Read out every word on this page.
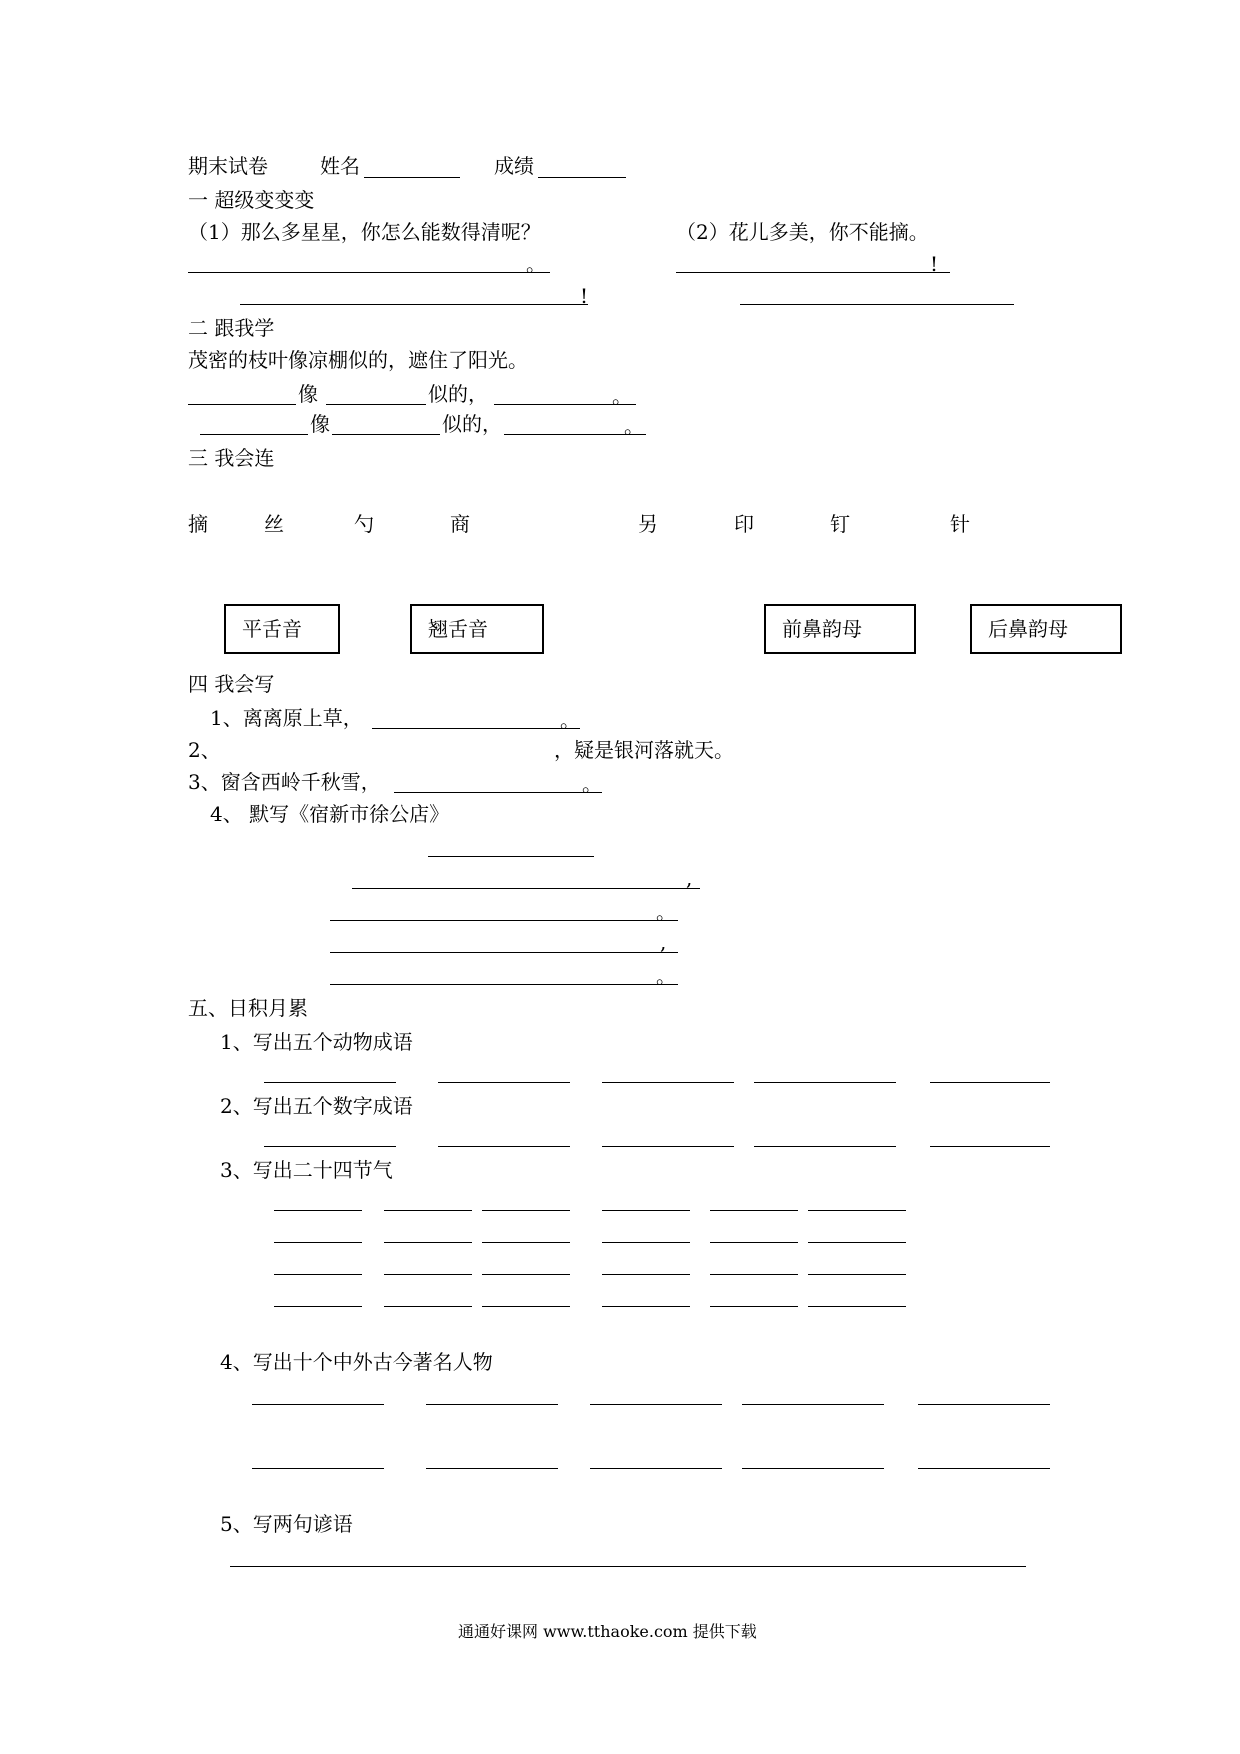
期末试卷	姓名	成绩
一 超级变变变
（1）那么多星星，你怎么能数得清呢？	（2）花儿多美，你不能摘。
。	!
!
二 跟我学
茂密的枝叶像凉棚似的，遮住了阳光。
像	似的，	。
像	似的，	。
三 我会连
摘	丝	勺	商	另	印	钉	针
平舌音	翘舌音	前鼻韵母	后鼻韵母
四 我会写
1、离离原上草，	。
2、	，疑是银河落就天。
3、窗含西岭千秋雪，	。
4、 默写《宿新市徐公店》
,
。
,
。
五、日积月累
1、写出五个动物成语
2、写出五个数字成语
3、写出二十四节气
4、写出十个中外古今著名人物
5、写两句谚语
通通好课网 www.tthaoke.com 提供下载
